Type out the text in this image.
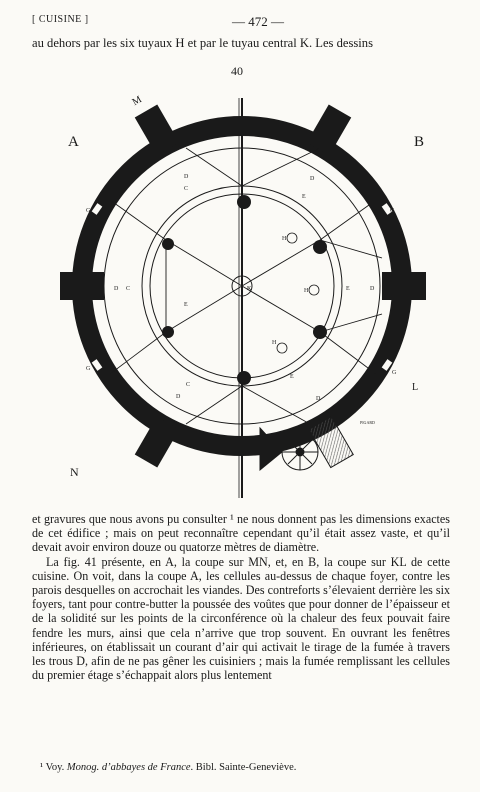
[ CUISINE ]	— 472 —
au dehors par les six tuyaux H et par le tuyau central K. Les dessins
40
A	B
M
N
L
PIGARD
G
G
G
C
C
C
D
D
D
D
D
D
E
E
E
E
H
H
H
G
K

et gravures que nous avons pu consulter ¹ ne nous donnent pas les dimensions exactes de cet édifice ; mais on peut reconnaître cependant qu’il était assez vaste, et qu’il devait avoir environ douze ou quatorze mètres de diamètre.

La fig. 41 présente, en A, la coupe sur MN, et, en B, la coupe sur KL de cette cuisine. On voit, dans la coupe A, les cellules au-dessus de chaque foyer, contre les parois desquelles on accrochait les viandes. Des contreforts s’élevaient derrière les six foyers, tant pour contre-butter la poussée des voûtes que pour donner de l’épaisseur et de la solidité sur les points de la circonférence où la chaleur des feux pouvait faire fendre les murs, ainsi que cela n’arrive que trop souvent. En ouvrant les fenêtres inférieures, on établissait un courant d’air qui activait le tirage de la fumée à travers les trous D, afin de ne pas gêner les cuisiniers ; mais la fumée remplissant les cellules du premier étage s’échappait alors plus lentement

¹ Voy. Monog. d’abbayes de France. Bibl. Sainte-Geneviève.
